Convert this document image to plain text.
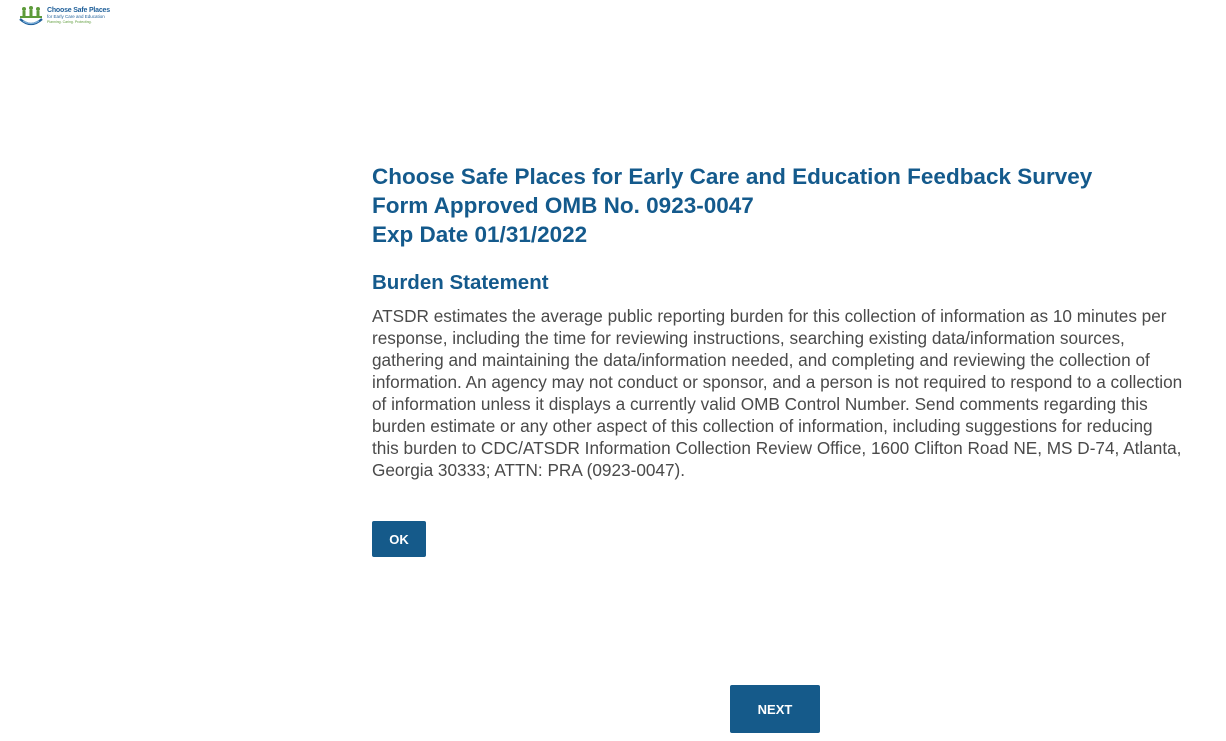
Choose Safe Places
for Early Care and Education
Planning. Caring. Protecting.
Choose Safe Places for Early Care and Education Feedback Survey
Form Approved OMB No. 0923-0047
Exp Date 01/31/2022
Burden Statement

ATSDR estimates the average public reporting burden for this collection of information as 10 minutes per response, including the time for reviewing instructions, searching existing data/information sources, gathering and maintaining the data/information needed, and completing and reviewing the collection of information. An agency may not conduct or sponsor, and a person is not required to respond to a collection of information unless it displays a currently valid OMB Control Number. Send comments regarding this burden estimate or any other aspect of this collection of information, including suggestions for reducing this burden to CDC/ATSDR Information Collection Review Office, 1600 Clifton Road NE, MS D-74, Atlanta, Georgia 30333; ATTN: PRA (0923-0047).

OK
NEXT
